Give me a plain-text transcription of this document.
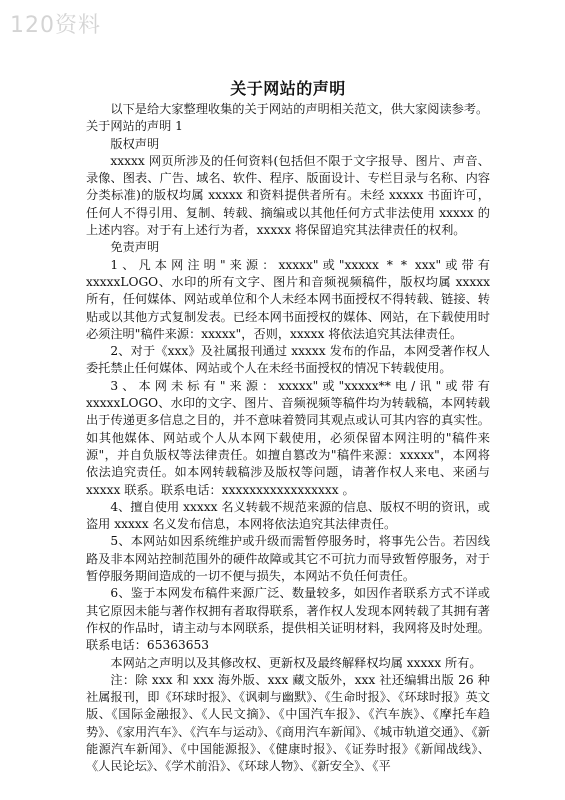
120资料
关于网站的声明

以下是给大家整理收集的关于网站的声明相关范文，供大家阅读参考。

关于网站的声明 1

版权声明

xxxxx 网页所涉及的任何资料(包括但不限于文字报导、图片、声音、录像、图表、广告、域名、软件、程序、版面设计、专栏目录与名称、内容分类标准)的版权均属 xxxxx 和资料提供者所有。未经 xxxxx 书面许可，任何人不得引用、复制、转载、摘编或以其他任何方式非法使用 xxxxx 的上述内容。对于有上述行为者，xxxxx 将保留追究其法律责任的权利。

免责声明

1、凡本网注明"来源：xxxxx"或"xxxxx * * xxx"或带有 xxxxxLOGO、水印的所有文字、图片和音频视频稿件，版权均属 xxxxx 所有，任何媒体、网站或单位和个人未经本网书面授权不得转载、链接、转贴或以其他方式复制发表。已经本网书面授权的媒体、网站，在下载使用时必须注明"稿件来源：xxxxx"，否则，xxxxx 将依法追究其法律责任。

2、对于《xxx》及社属报刊通过 xxxxx 发布的作品，本网受著作权人委托禁止任何媒体、网站或个人在未经书面授权的情况下转载使用。

3、本网未标有"来源：xxxxx"或"xxxxx**电/讯"或带有 xxxxxLOGO、水印的文字、图片、音频视频等稿件均为转载稿，本网转载出于传递更多信息之目的，并不意味着赞同其观点或认可其内容的真实性。如其他媒体、网站或个人从本网下载使用，必须保留本网注明的"稿件来源"，并自负版权等法律责任。如擅自篡改为"稿件来源：xxxxx"，本网将依法追究责任。如本网转载稿涉及版权等问题，请著作权人来电、来函与 xxxxx 联系。联系电话：xxxxxxxxxxxxxxxxx 。

4、擅自使用 xxxxx 名义转载不规范来源的信息、版权不明的资讯，或盗用 xxxxx 名义发布信息，本网将依法追究其法律责任。

5、本网站如因系统维护或升级而需暂停服务时，将事先公告。若因线路及非本网站控制范围外的硬件故障或其它不可抗力而导致暂停服务，对于暂停服务期间造成的一切不便与损失，本网站不负任何责任。

6、鉴于本网发布稿件来源广泛、数量较多，如因作者联系方式不详或其它原因未能与著作权拥有者取得联系，著作权人发现本网转载了其拥有著作权的作品时，请主动与本网联系，提供相关证明材料，我网将及时处理。联系电话：65363653

本网站之声明以及其修改权、更新权及最终解释权均属 xxxxx 所有。

注：除 xxx 和 xxx 海外版、xxx 藏文版外，xxx 社还编辑出版 26 种社属报刊，即《环球时报》、《讽刺与幽默》、《生命时报》、《环球时报》英文版、《国际金融报》、《人民文摘》、《中国汽车报》、《汽车族》、《摩托车趋势》、《家用汽车》、《汽车与运动》、《商用汽车新闻》、《城市轨道交通》、《新能源汽车新闻》、《中国能源报》、《健康时报》、《证券时报》《新闻战线》、《人民论坛》、《学术前沿》、《环球人物》、《新安全》、《平
